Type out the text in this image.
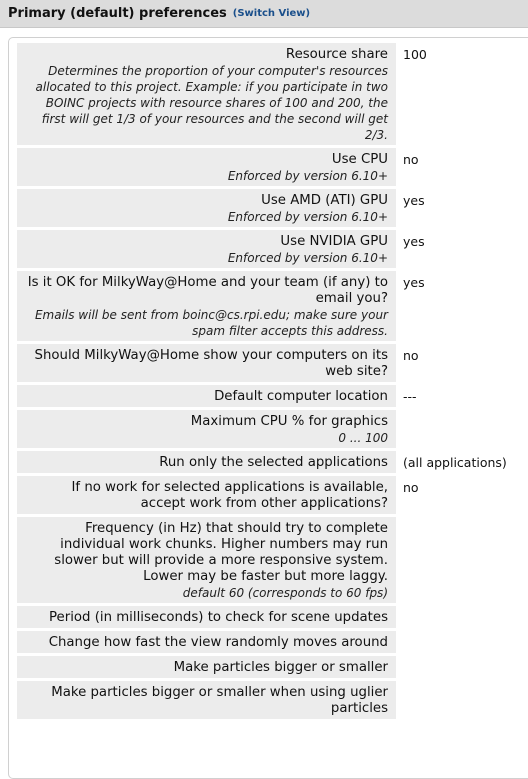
Primary (default) preferences (Switch View)
Resource share
Determines the proportion of your computer's resources allocated to this project. Example: if you participate in two BOINC projects with resource shares of 100 and 200, the first will get 1/3 of your resources and the second will get 2/3.
100
Use CPU
Enforced by version 6.10+
no
Use AMD (ATI) GPU
Enforced by version 6.10+
yes
Use NVIDIA GPU
Enforced by version 6.10+
yes
Is it OK for MilkyWay@Home and your team (if any) to email you?
Emails will be sent from boinc@cs.rpi.edu; make sure your spam filter accepts this address.
yes
Should MilkyWay@Home show your computers on its web site?
no
Default computer location	---
Maximum CPU % for graphics
0 ... 100
Run only the selected applications	(all applications)
If no work for selected applications is available, accept work from other applications?
no
Frequency (in Hz) that should try to complete individual work chunks. Higher numbers may run slower but will provide a more responsive system. Lower may be faster but more laggy.
default 60 (corresponds to 60 fps)
Period (in milliseconds) to check for scene updates
Change how fast the view randomly moves around
Make particles bigger or smaller
Make particles bigger or smaller when using uglier particles
